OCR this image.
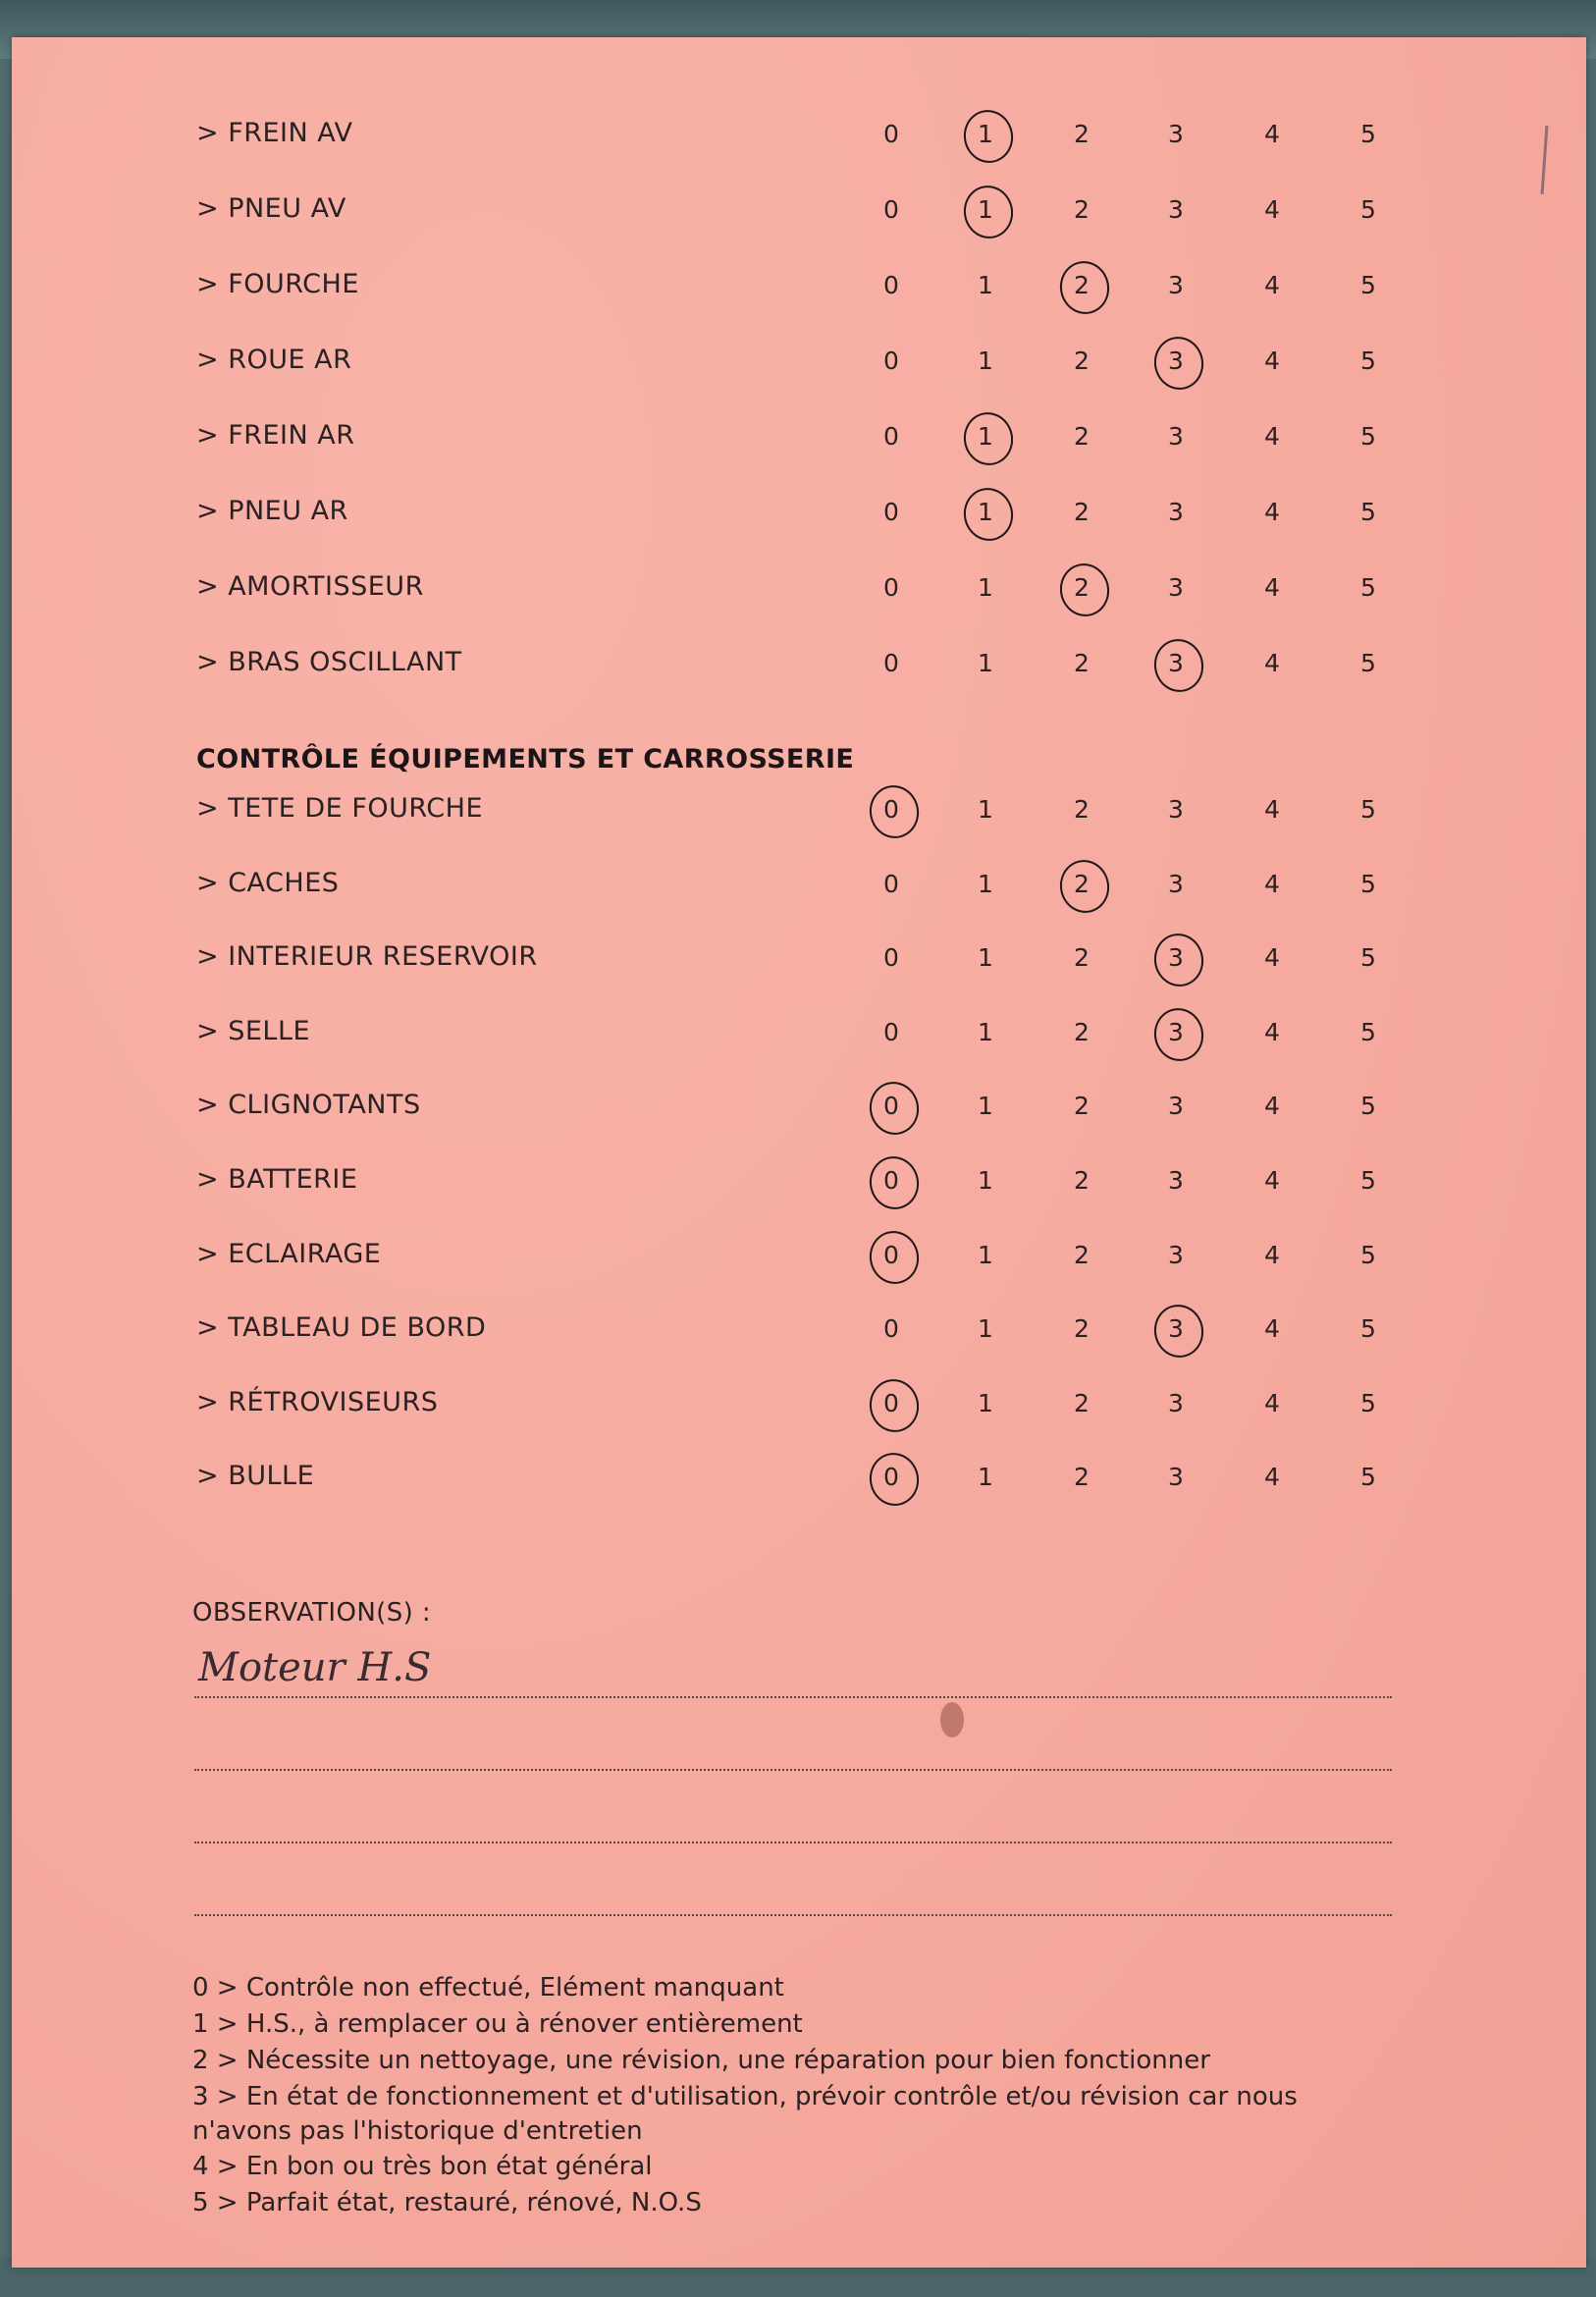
> FREIN AV	0	1	2	3	4	5
> PNEU AV	0	1	2	3	4	5
> FOURCHE	0	1	2	3	4	5
> ROUE AR	0	1	2	3	4	5
> FREIN AR	0	1	2	3	4	5
> PNEU AR	0	1	2	3	4	5
> AMORTISSEUR	0	1	2	3	4	5
> BRAS OSCILLANT	0	1	2	3	4	5
CONTRÔLE ÉQUIPEMENTS ET CARROSSERIE
> TETE DE FOURCHE	0	1	2	3	4	5
> CACHES	0	1	2	3	4	5
> INTERIEUR RESERVOIR	0	1	2	3	4	5
> SELLE	0	1	2	3	4	5
> CLIGNOTANTS	0	1	2	3	4	5
> BATTERIE	0	1	2	3	4	5
> ECLAIRAGE	0	1	2	3	4	5
> TABLEAU DE BORD	0	1	2	3	4	5
> RÉTROVISEURS	0	1	2	3	4	5
> BULLE	0	1	2	3	4	5
OBSERVATION(S) :
Moteur H.S
0 > Contrôle non effectué, Elément manquant
1 > H.S., à remplacer ou à rénover entièrement
2 > Nécessite un nettoyage, une révision, une réparation pour bien fonctionner
3 > En état de fonctionnement et d'utilisation, prévoir contrôle et/ou révision car nous
n'avons pas l'historique d'entretien
4 > En bon ou très bon état général
5 > Parfait état, restauré, rénové, N.O.S
